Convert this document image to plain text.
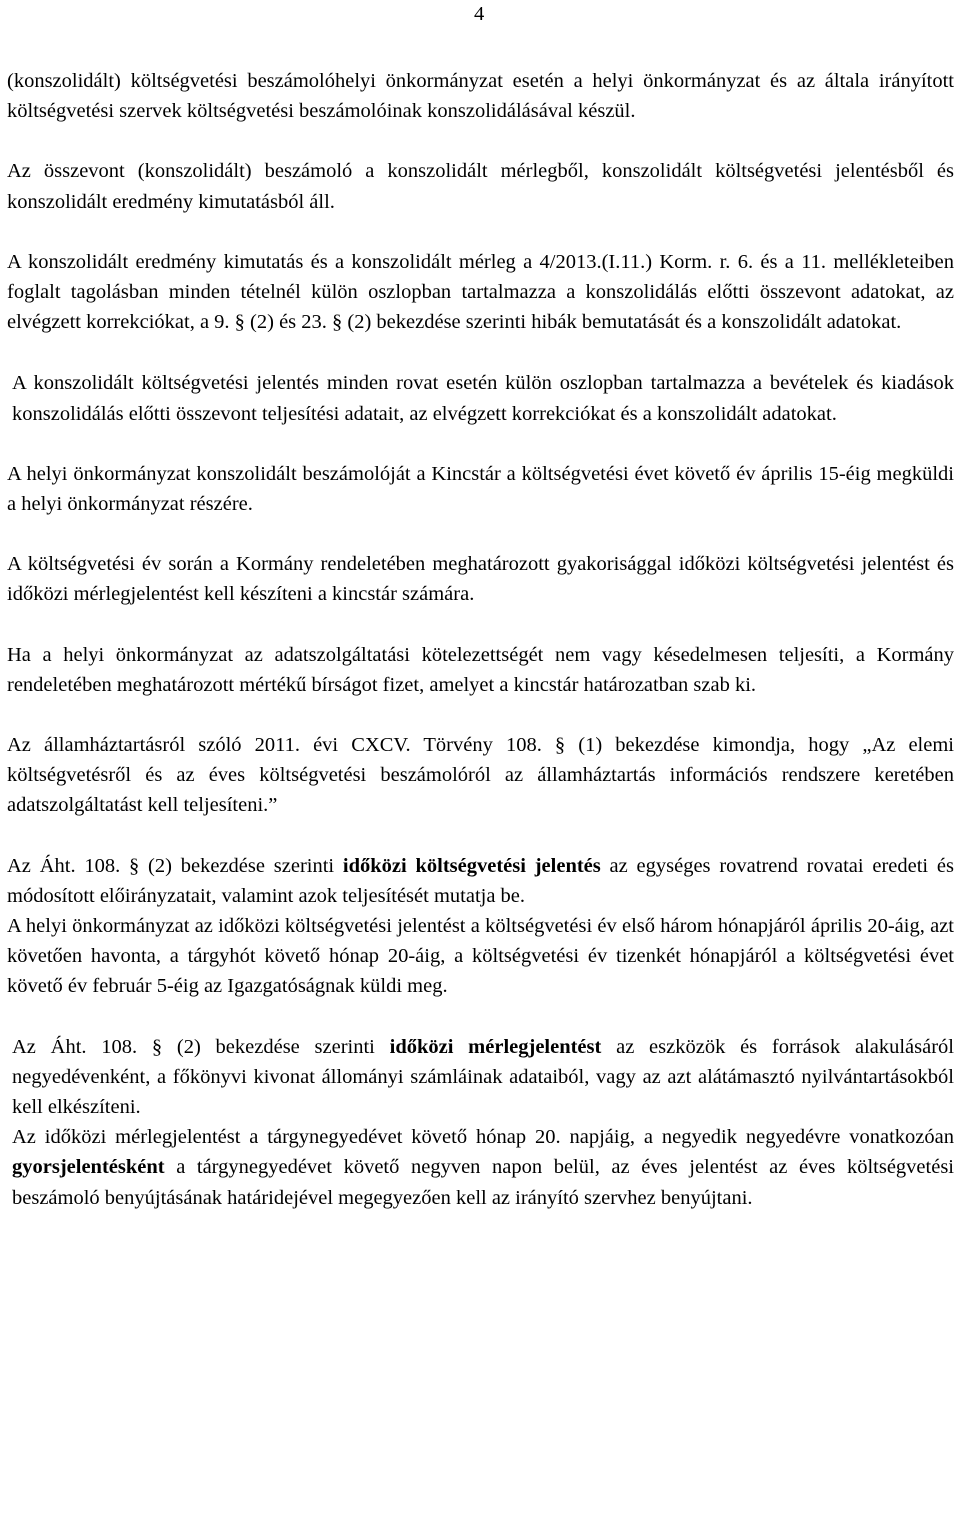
4

(konszolidált) költségvetési beszámolóhelyi önkormányzat esetén a helyi önkormányzat és az általa irányított költségvetési szervek költségvetési beszámolóinak konszolidálásával készül.

Az összevont (konszolidált) beszámoló a konszolidált mérlegből, konszolidált költségvetési jelentésből és konszolidált eredmény kimutatásból áll.

A konszolidált eredmény kimutatás és a konszolidált mérleg a 4/2013.(I.11.) Korm. r. 6. és a 11. mellékleteiben foglalt tagolásban minden tételnél külön oszlopban tartalmazza a konszolidálás előtti összevont adatokat, az elvégzett korrekciókat, a 9. § (2) és 23. § (2) bekezdése szerinti hibák bemutatását és a konszolidált adatokat.

A konszolidált költségvetési jelentés minden rovat esetén külön oszlopban tartalmazza a bevételek és kiadások konszolidálás előtti összevont teljesítési adatait, az elvégzett korrekciókat és a konszolidált adatokat.

A helyi önkormányzat konszolidált beszámolóját a Kincstár a költségvetési évet követő év április 15-éig megküldi a helyi önkormányzat részére.

A költségvetési év során a Kormány rendeletében meghatározott gyakorisággal időközi költségvetési jelentést és időközi mérlegjelentést kell készíteni a kincstár számára.

Ha a helyi önkormányzat az adatszolgáltatási kötelezettségét nem vagy késedelmesen teljesíti, a Kormány rendeletében meghatározott mértékű bírságot fizet, amelyet a kincstár határozatban szab ki.

Az államháztartásról szóló 2011. évi CXCV. Törvény 108. § (1) bekezdése kimondja, hogy „Az elemi költségvetésről és az éves költségvetési beszámolóról az államháztartás információs rendszere keretében adatszolgáltatást kell teljesíteni.”

Az Áht. 108. § (2) bekezdése szerinti időközi költségvetési jelentés az egységes rovatrend rovatai eredeti és módosított előirányzatait, valamint azok teljesítését mutatja be.

A helyi önkormányzat az időközi költségvetési jelentést a költségvetési év első három hónapjáról április 20-áig, azt követően havonta, a tárgyhót követő hónap 20-áig, a költségvetési év tizenkét hónapjáról a költségvetési évet követő év február 5-éig az Igazgatóságnak küldi meg.

Az Áht. 108. § (2) bekezdése szerinti időközi mérlegjelentést az eszközök és források alakulásáról negyedévenként, a főkönyvi kivonat állományi számláinak adataiból, vagy az azt alátámasztó nyilvántartásokból kell elkészíteni.

Az időközi mérlegjelentést a tárgynegyedévet követő hónap 20. napjáig, a negyedik negyedévre vonatkozóan gyorsjelentésként a tárgynegyedévet követő negyven napon belül, az éves jelentést az éves költségvetési beszámoló benyújtásának határidejével megegyezően kell az irányító szervhez benyújtani.
